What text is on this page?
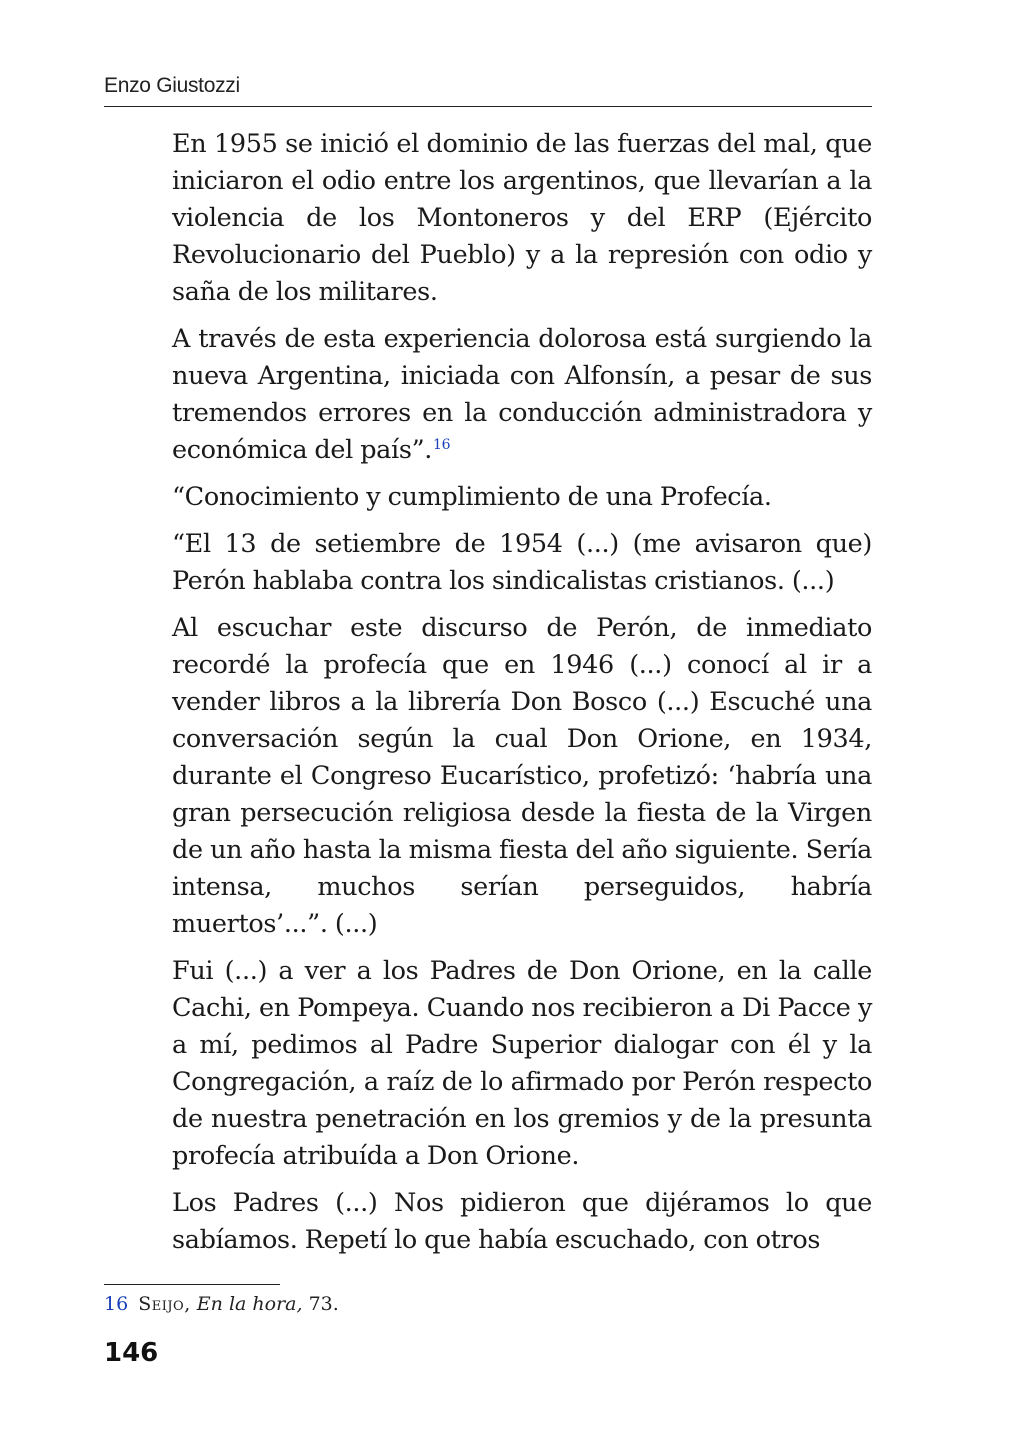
Enzo Giustozzi

En 1955 se inició el dominio de las fuerzas del mal, que iniciaron el odio entre los argentinos, que llevarían a la violencia de los Montoneros y del ERP (Ejército Revolucionario del Pueblo) y a la represión con odio y saña de los militares.

A través de esta experiencia dolorosa está surgiendo la nueva Argentina, iniciada con Alfonsín, a pesar de sus tremendos errores en la conducción administradora y económica del país”.$^{16}$

“Conocimiento y cumplimiento de una Profecía.

“El 13 de setiembre de 1954 (...) (me avisaron que) Perón hablaba contra los sindicalistas cristianos. (...)

Al escuchar este discurso de Perón, de inmediato recordé la profecía que en 1946 (...) conocí al ir a vender libros a la librería Don Bosco (...) Escuché una conversación según la cual Don Orione, en 1934, durante el Congreso Eucarístico, profetizó: ‘habría una gran persecución religiosa desde la fiesta de la Virgen de un año hasta la misma fiesta del año siguiente. Sería intensa, muchos serían perseguidos, habría muertos’...”. (...)

Fui (...) a ver a los Padres de Don Orione, en la calle Cachi, en Pompeya. Cuando nos recibieron a Di Pacce y a mí, pedimos al Padre Superior dialogar con él y la Congregación, a raíz de lo afirmado por Perón respecto de nuestra penetración en los gremios y de la presunta profecía atribuída a Don Orione.

Los Padres (...) Nos pidieron que dijéramos lo que sabíamos. Repetí lo que había escuchado, con otros

16 Seijo, En la hora, 73.
146
